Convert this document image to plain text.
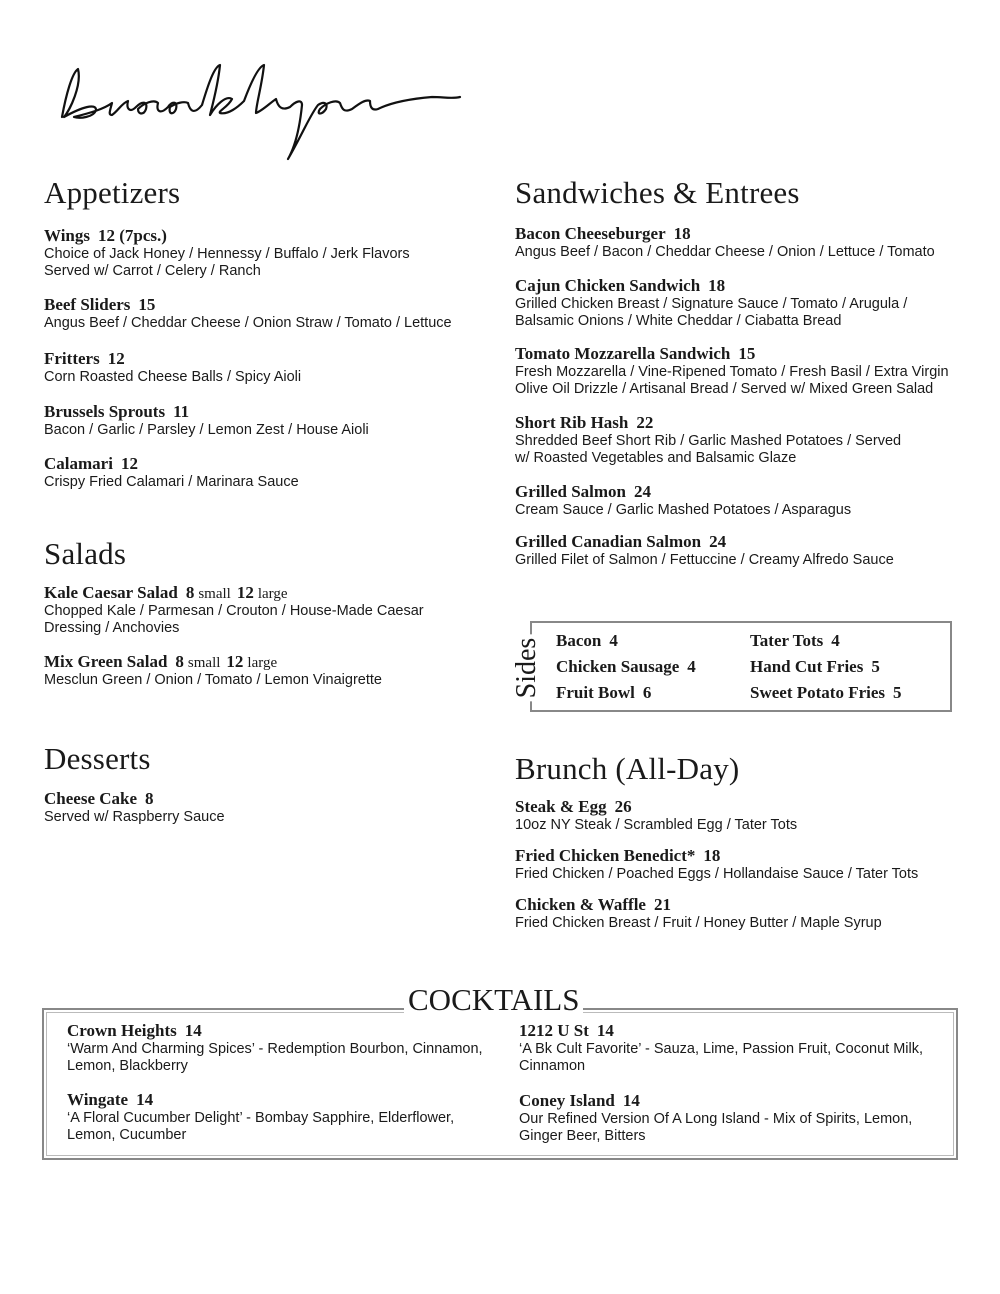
Appetizers
Wings 12 (7pcs.)
Choice of Jack Honey / Hennessy / Buffalo / Jerk Flavors
Served w/ Carrot / Celery / Ranch
Beef Sliders 15
Angus Beef / Cheddar Cheese / Onion Straw / Tomato / Lettuce
Fritters 12
Corn Roasted Cheese Balls / Spicy Aioli
Brussels Sprouts 11
Bacon / Garlic / Parsley / Lemon Zest / House Aioli
Calamari 12
Crispy Fried Calamari / Marinara Sauce
Salads
Kale Caesar Salad 8 small 12 large
Chopped Kale / Parmesan / Crouton / House-Made Caesar
Dressing / Anchovies
Mix Green Salad 8 small 12 large
Mesclun Green / Onion / Tomato / Lemon Vinaigrette
Desserts
Cheese Cake 8
Served w/ Raspberry Sauce
Sandwiches & Entrees
Bacon Cheeseburger 18
Angus Beef / Bacon / Cheddar Cheese / Onion / Lettuce / Tomato
Cajun Chicken Sandwich 18
Grilled Chicken Breast / Signature Sauce / Tomato / Arugula /
Balsamic Onions / White Cheddar / Ciabatta Bread
Tomato Mozzarella Sandwich 15
Fresh Mozzarella / Vine-Ripened Tomato / Fresh Basil / Extra Virgin
Olive Oil Drizzle / Artisanal Bread / Served w/ Mixed Green Salad
Short Rib Hash 22
Shredded Beef Short Rib / Garlic Mashed Potatoes / Served
w/ Roasted Vegetables and Balsamic Glaze
Grilled Salmon 24
Cream Sauce / Garlic Mashed Potatoes / Asparagus
Grilled Canadian Salmon 24
Grilled Filet of Salmon / Fettuccine / Creamy Alfredo Sauce
Sides Bacon 4
Chicken Sausage 4
Fruit Bowl 6
Tater Tots 4
Hand Cut Fries 5
Sweet Potato Fries 5
Brunch (All-Day)
Steak & Egg 26
10oz NY Steak / Scrambled Egg / Tater Tots
Fried Chicken Benedict* 18
Fried Chicken / Poached Eggs / Hollandaise Sauce / Tater Tots
Chicken & Waffle 21
Fried Chicken Breast / Fruit / Honey Butter / Maple Syrup
COCKTAILS
Crown Heights 14
‘Warm And Charming Spices’ - Redemption Bourbon, Cinnamon,
Lemon, Blackberry
Wingate 14
‘A Floral Cucumber Delight’ - Bombay Sapphire, Elderflower,
Lemon, Cucumber
1212 U St 14
‘A Bk Cult Favorite’ - Sauza, Lime, Passion Fruit, Coconut Milk,
Cinnamon
Coney Island 14
Our Refined Version Of A Long Island - Mix of Spirits, Lemon,
Ginger Beer, Bitters
